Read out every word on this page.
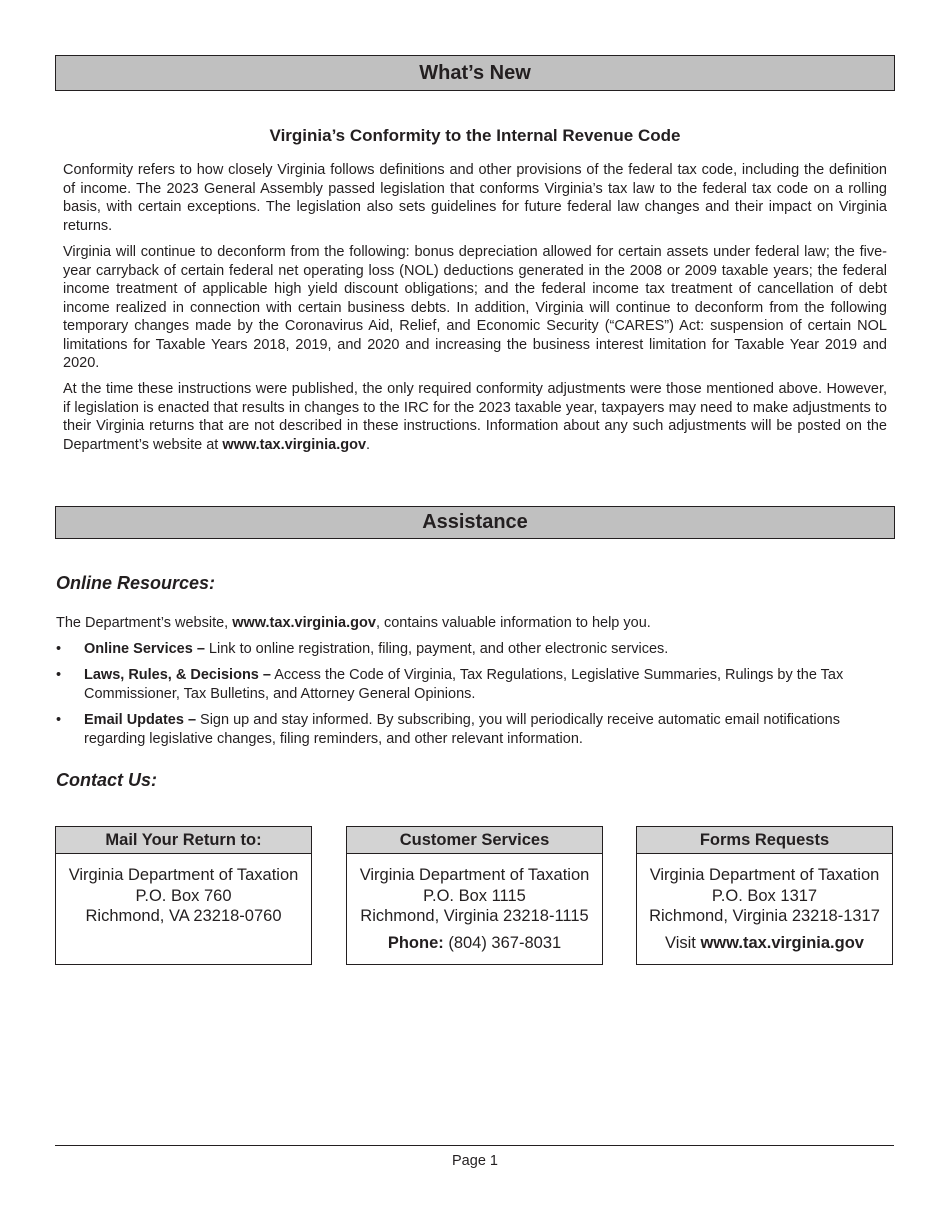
What’s New
Virginia’s Conformity to the Internal Revenue Code

Conformity refers to how closely Virginia follows definitions and other provisions of the federal tax code, including the definition of income. The 2023 General Assembly passed legislation that conforms Virginia’s tax law to the federal tax code on a rolling basis, with certain exceptions. The legislation also sets guidelines for future federal law changes and their impact on Virginia returns.

Virginia will continue to deconform from the following: bonus depreciation allowed for certain assets under federal law; the five-year carryback of certain federal net operating loss (NOL) deductions generated in the 2008 or 2009 taxable years; the federal income treatment of applicable high yield discount obligations; and the federal income tax treatment of cancellation of debt income realized in connection with certain business debts. In addition, Virginia will continue to deconform from the following temporary changes made by the Coronavirus Aid, Relief, and Economic Security (“CARES”) Act: suspension of certain NOL limitations for Taxable Years 2018, 2019, and 2020 and increasing the business interest limitation for Taxable Year 2019 and 2020.

At the time these instructions were published, the only required conformity adjustments were those mentioned above. However, if legislation is enacted that results in changes to the IRC for the 2023 taxable year, taxpayers may need to make adjustments to their Virginia returns that are not described in these instructions. Information about any such adjustments will be posted on the Department’s website at www.tax.virginia.gov.

Assistance
Online Resources:
The Department’s website, www.tax.virginia.gov, contains valuable information to help you.
• Online Services – Link to online registration, filing, payment, and other electronic services.
• Laws, Rules, & Decisions – Access the Code of Virginia, Tax Regulations, Legislative Summaries, Rulings by the Tax Commissioner, Tax Bulletins, and Attorney General Opinions.
• Email Updates – Sign up and stay informed. By subscribing, you will periodically receive automatic email notifications regarding legislative changes, filing reminders, and other relevant information.
Contact Us:
Mail Your Return to:
Virginia Department of Taxation
P.O. Box 760
Richmond, VA 23218-0760
Customer Services
Virginia Department of Taxation
P.O. Box 1115
Richmond, Virginia 23218-1115
Phone: (804) 367-8031
Forms Requests
Virginia Department of Taxation
P.O. Box 1317
Richmond, Virginia 23218-1317
Visit www.tax.virginia.gov
Page 1
